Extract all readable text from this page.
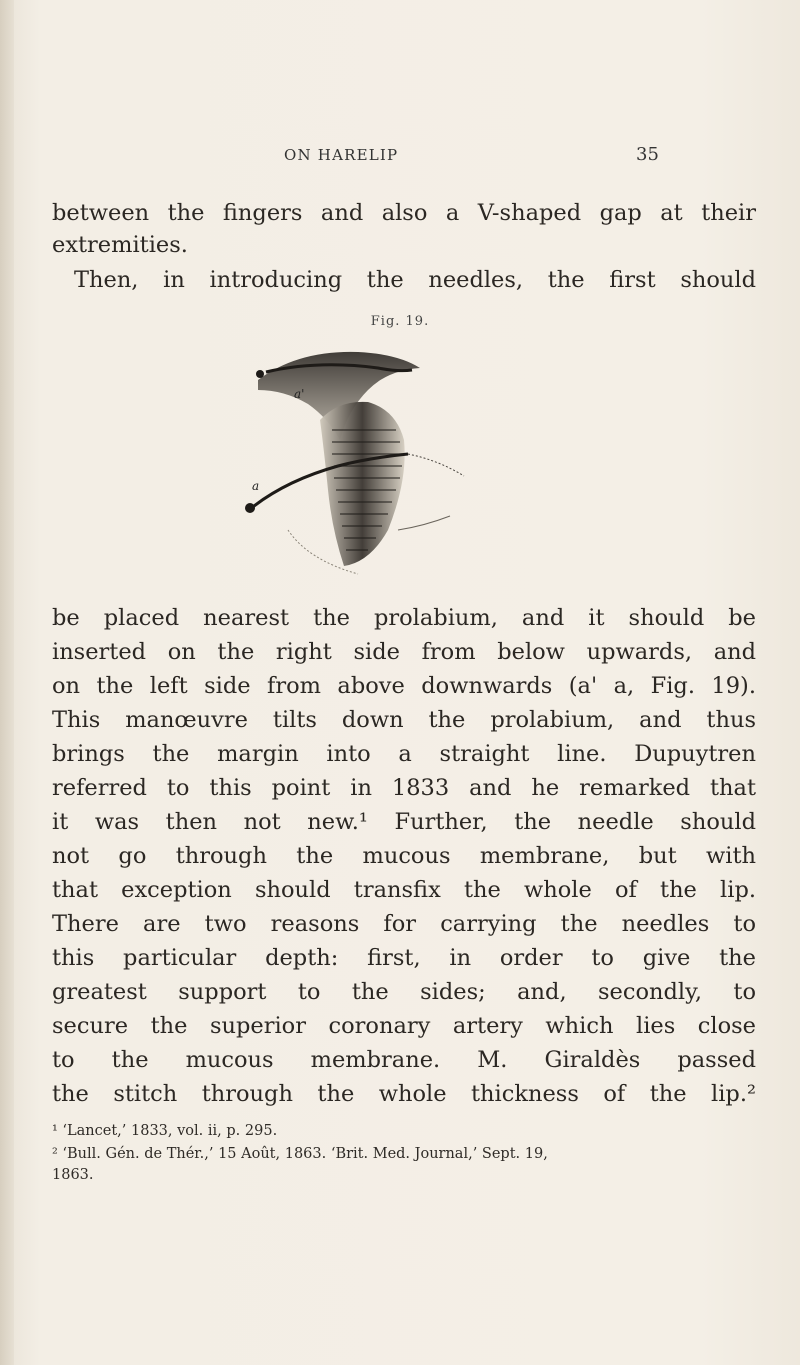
ON HARELIP	35
between the fingers and also a V-shaped gap at their
extremities.
Then, in introducing the needles, the first should
Fig. 19.
a'
a
be placed nearest the prolabium, and it should be
inserted on the right side from below upwards, and
on the left side from above downwards (a' a, Fig. 19).
This manœuvre tilts down the prolabium, and thus
brings the margin into a straight line. Dupuytren
referred to this point in 1833 and he remarked that
it was then not new.¹ Further, the needle should
not go through the mucous membrane, but with
that exception should transfix the whole of the lip.
There are two reasons for carrying the needles to
this particular depth: first, in order to give the
greatest support to the sides; and, secondly, to
secure the superior coronary artery which lies close
to the mucous membrane. M. Giraldès passed
the stitch through the whole thickness of the lip.²
¹ ‘Lancet,’ 1833, vol. ii, p. 295.
² ‘Bull. Gén. de Thér.,’ 15 Août, 1863. ‘Brit. Med. Journal,’ Sept. 19,
1863.
